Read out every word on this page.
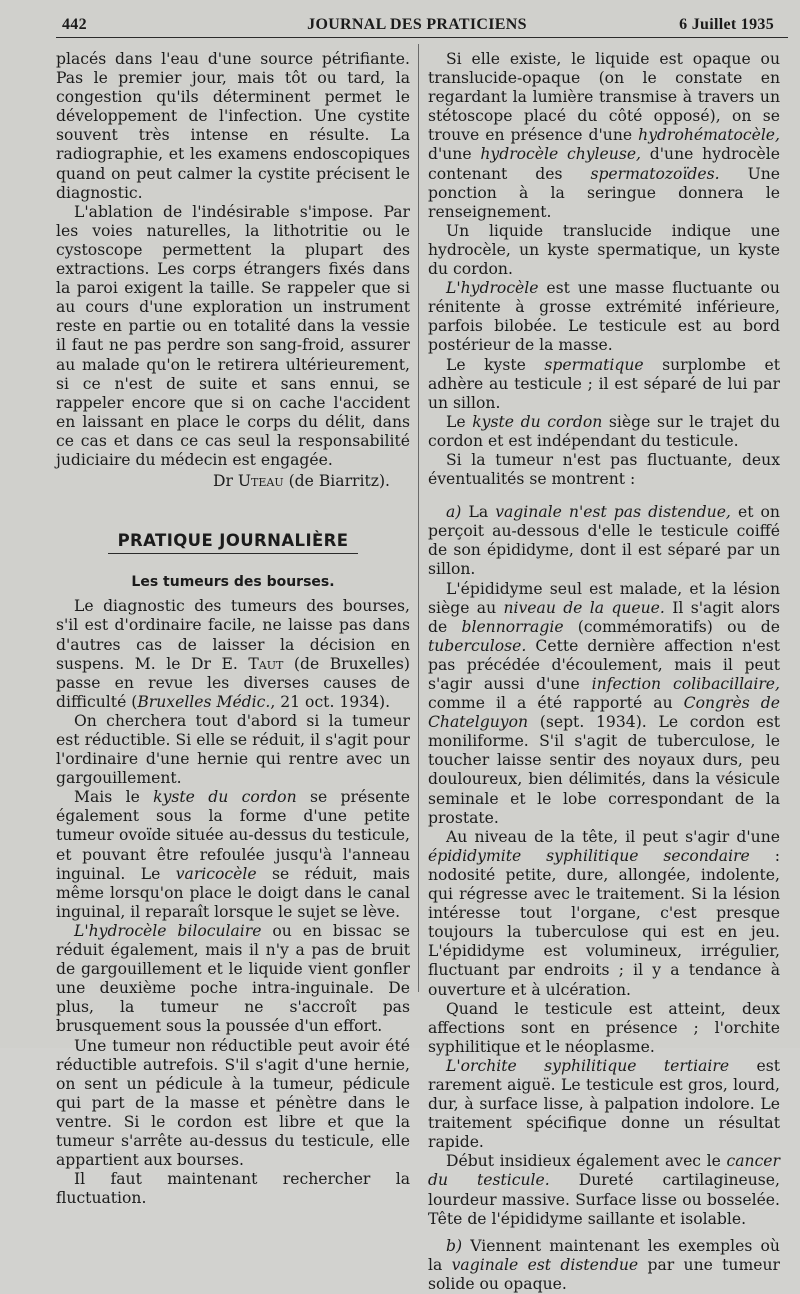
442	JOURNAL DES PRATICIENS	6 Juillet 1935

placés dans l'eau d'une source pétrifiante. Pas le premier jour, mais tôt ou tard, la congestion qu'ils déterminent permet le développement de l'infection. Une cystite souvent très intense en résulte. La radiographie, et les examens endoscopiques quand on peut calmer la cystite précisent le diagnostic.

L'ablation de l'indésirable s'impose. Par les voies naturelles, la lithotritie ou le cystoscope permettent la plupart des extractions. Les corps étrangers fixés dans la paroi exigent la taille. Se rappeler que si au cours d'une exploration un instrument reste en partie ou en totalité dans la vessie il faut ne pas perdre son sang-froid, assurer au malade qu'on le retirera ultérieurement, si ce n'est de suite et sans ennui, se rappeler encore que si on cache l'accident en laissant en place le corps du délit, dans ce cas et dans ce cas seul la responsabilité judiciaire du médecin est engagée.

Dr Uteau (de Biarritz).

PRATIQUE JOURNALIÈRE
Les tumeurs des bourses.

Le diagnostic des tumeurs des bourses, s'il est d'ordinaire facile, ne laisse pas dans d'autres cas de laisser la décision en suspens. M. le Dr E. Taut (de Bruxelles) passe en revue les diverses causes de difficulté (Bruxelles Médic., 21 oct. 1934).

On cherchera tout d'abord si la tumeur est réductible. Si elle se réduit, il s'agit pour l'ordinaire d'une hernie qui rentre avec un gargouillement.

Mais le kyste du cordon se présente également sous la forme d'une petite tumeur ovoïde située au-dessus du testicule, et pouvant être refoulée jusqu'à l'anneau inguinal. Le varicocèle se réduit, mais même lorsqu'on place le doigt dans le canal inguinal, il reparaît lorsque le sujet se lève.

L'hydrocèle biloculaire ou en bissac se réduit également, mais il n'y a pas de bruit de gargouillement et le liquide vient gonfler une deuxième poche intra-inguinale. De plus, la tumeur ne s'accroît pas brusquement sous la poussée d'un effort.

Une tumeur non réductible peut avoir été réductible autrefois. S'il s'agit d'une hernie, on sent un pédicule à la tumeur, pédicule qui part de la masse et pénètre dans le ventre. Si le cordon est libre et que la tumeur s'arrête au-dessus du testicule, elle appartient aux bourses.

Il faut maintenant rechercher la fluctuation.

Si elle existe, le liquide est opaque ou translucide-opaque (on le constate en regardant la lumière transmise à travers un stétoscope placé du côté opposé), on se trouve en présence d'une hydrohématocèle, d'une hydrocèle chyleuse, d'une hydrocèle contenant des spermatozoïdes. Une ponction à la seringue donnera le renseignement.

Un liquide translucide indique une hydrocèle, un kyste spermatique, un kyste du cordon.

L'hydrocèle est une masse fluctuante ou rénitente à grosse extrémité inférieure, parfois bilobée. Le testicule est au bord postérieur de la masse.

Le kyste spermatique surplombe et adhère au testicule ; il est séparé de lui par un sillon.

Le kyste du cordon siège sur le trajet du cordon et est indépendant du testicule.

Si la tumeur n'est pas fluctuante, deux éventualités se montrent :

a) La vaginale n'est pas distendue, et on perçoit au-dessous d'elle le testicule coiffé de son épididyme, dont il est séparé par un sillon.

L'épididyme seul est malade, et la lésion siège au niveau de la queue. Il s'agit alors de blennorragie (commémoratifs) ou de tuberculose. Cette dernière affection n'est pas précédée d'écoulement, mais il peut s'agir aussi d'une infection colibacillaire, comme il a été rapporté au Congrès de Chatelguyon (sept. 1934). Le cordon est moniliforme. S'il s'agit de tuberculose, le toucher laisse sentir des noyaux durs, peu douloureux, bien délimités, dans la vésicule seminale et le lobe correspondant de la prostate.

Au niveau de la tête, il peut s'agir d'une épididymite syphilitique secondaire : nodosité petite, dure, allongée, indolente, qui régresse avec le traitement. Si la lésion intéresse tout l'organe, c'est presque toujours la tuberculose qui est en jeu. L'épididyme est volumineux, irrégulier, fluctuant par endroits ; il y a tendance à ouverture et à ulcération.

Quand le testicule est atteint, deux affections sont en présence ; l'orchite syphilitique et le néoplasme.

L'orchite syphilitique tertiaire est rarement aiguë. Le testicule est gros, lourd, dur, à surface lisse, à palpation indolore. Le traitement spécifique donne un résultat rapide.

Début insidieux également avec le cancer du testicule. Dureté cartilagineuse, lourdeur massive. Surface lisse ou bosselée. Tête de l'épididyme saillante et isolable.

b) Viennent maintenant les exemples où la vaginale est distendue par une tumeur solide ou opaque.
